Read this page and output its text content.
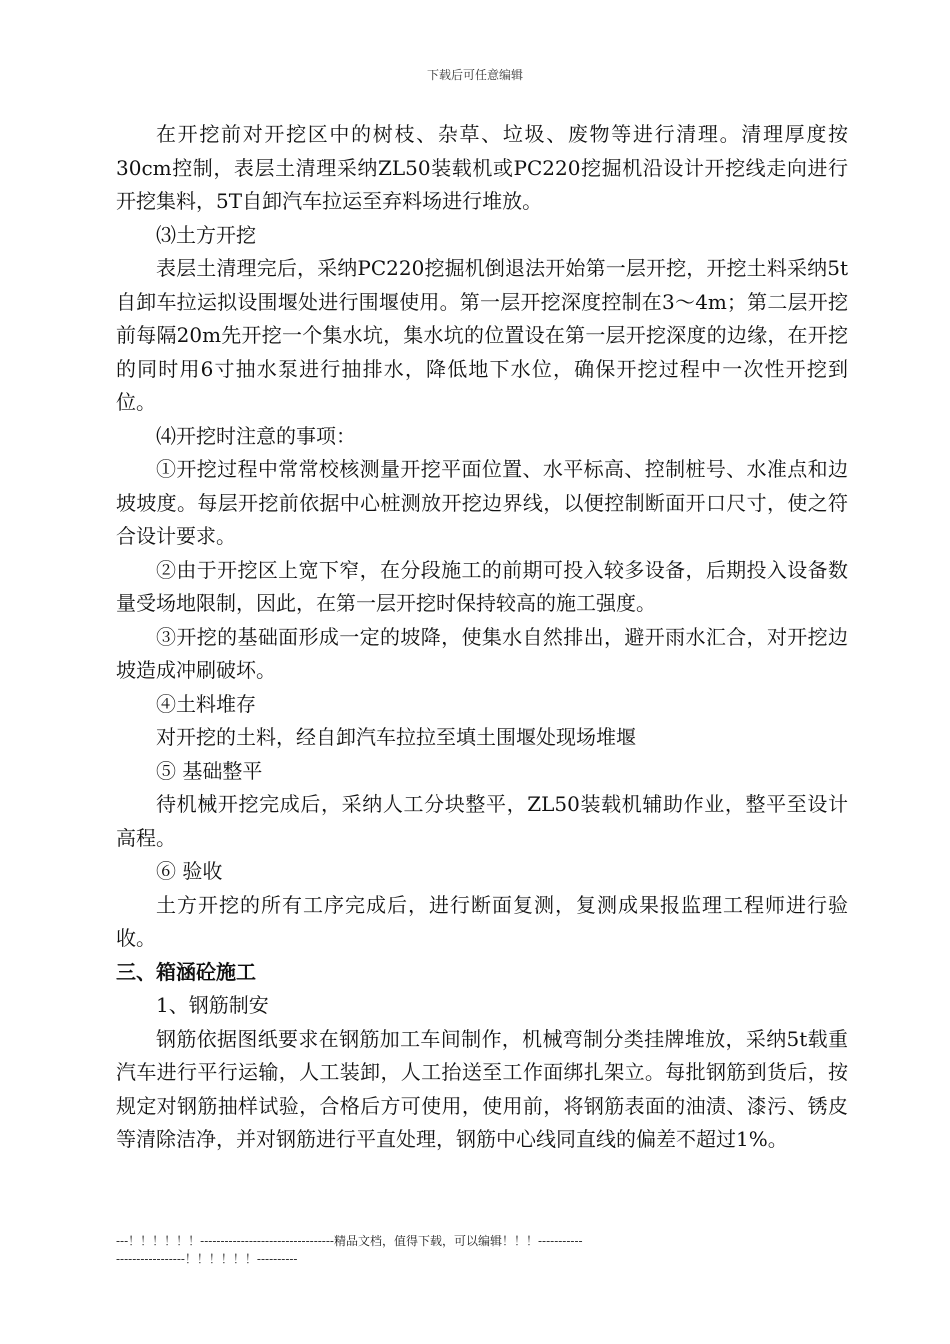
下载后可任意编辑

在开挖前对开挖区中的树枝、杂草、垃圾、废物等进行清理。清理厚度按30cm控制，表层土清理采纳ZL50装载机或PC220挖掘机沿设计开挖线走向进行开挖集料，5T自卸汽车拉运至弃料场进行堆放。

⑶土方开挖

表层土清理完后，采纳PC220挖掘机倒退法开始第一层开挖，开挖土料采纳5t自卸车拉运拟设围堰处进行围堰使用。第一层开挖深度控制在3～4m；第二层开挖前每隔20m先开挖一个集水坑，集水坑的位置设在第一层开挖深度的边缘，在开挖的同时用6寸抽水泵进行抽排水，降低地下水位，确保开挖过程中一次性开挖到位。

⑷开挖时注意的事项：

①开挖过程中常常校核测量开挖平面位置、水平标高、控制桩号、水准点和边坡坡度。每层开挖前依据中心桩测放开挖边界线，以便控制断面开口尺寸，使之符合设计要求。

②由于开挖区上宽下窄，在分段施工的前期可投入较多设备，后期投入设备数量受场地限制，因此，在第一层开挖时保持较高的施工强度。

③开挖的基础面形成一定的坡降，使集水自然排出，避开雨水汇合，对开挖边坡造成冲刷破坏。

④土料堆存

对开挖的土料，经自卸汽车拉拉至填土围堰处现场堆堰

⑤ 基础整平

待机械开挖完成后，采纳人工分块整平，ZL50装载机辅助作业，整平至设计高程。

⑥ 验收

土方开挖的所有工序完成后，进行断面复测，复测成果报监理工程师进行验收。

三、箱涵砼施工

1、钢筋制安

钢筋依据图纸要求在钢筋加工车间制作，机械弯制分类挂牌堆放，采纳5t载重汽车进行平行运输，人工装卸，人工抬送至工作面绑扎架立。每批钢筋到货后，按规定对钢筋抽样试验，合格后方可使用，使用前，将钢筋表面的油渍、漆污、锈皮等清除洁净，并对钢筋进行平直处理，钢筋中心线同直线的偏差不超过1%。

---！！！！！！---------------------------------精品文档，值得下载，可以编辑！！！----------------------------！！！！！！----------
